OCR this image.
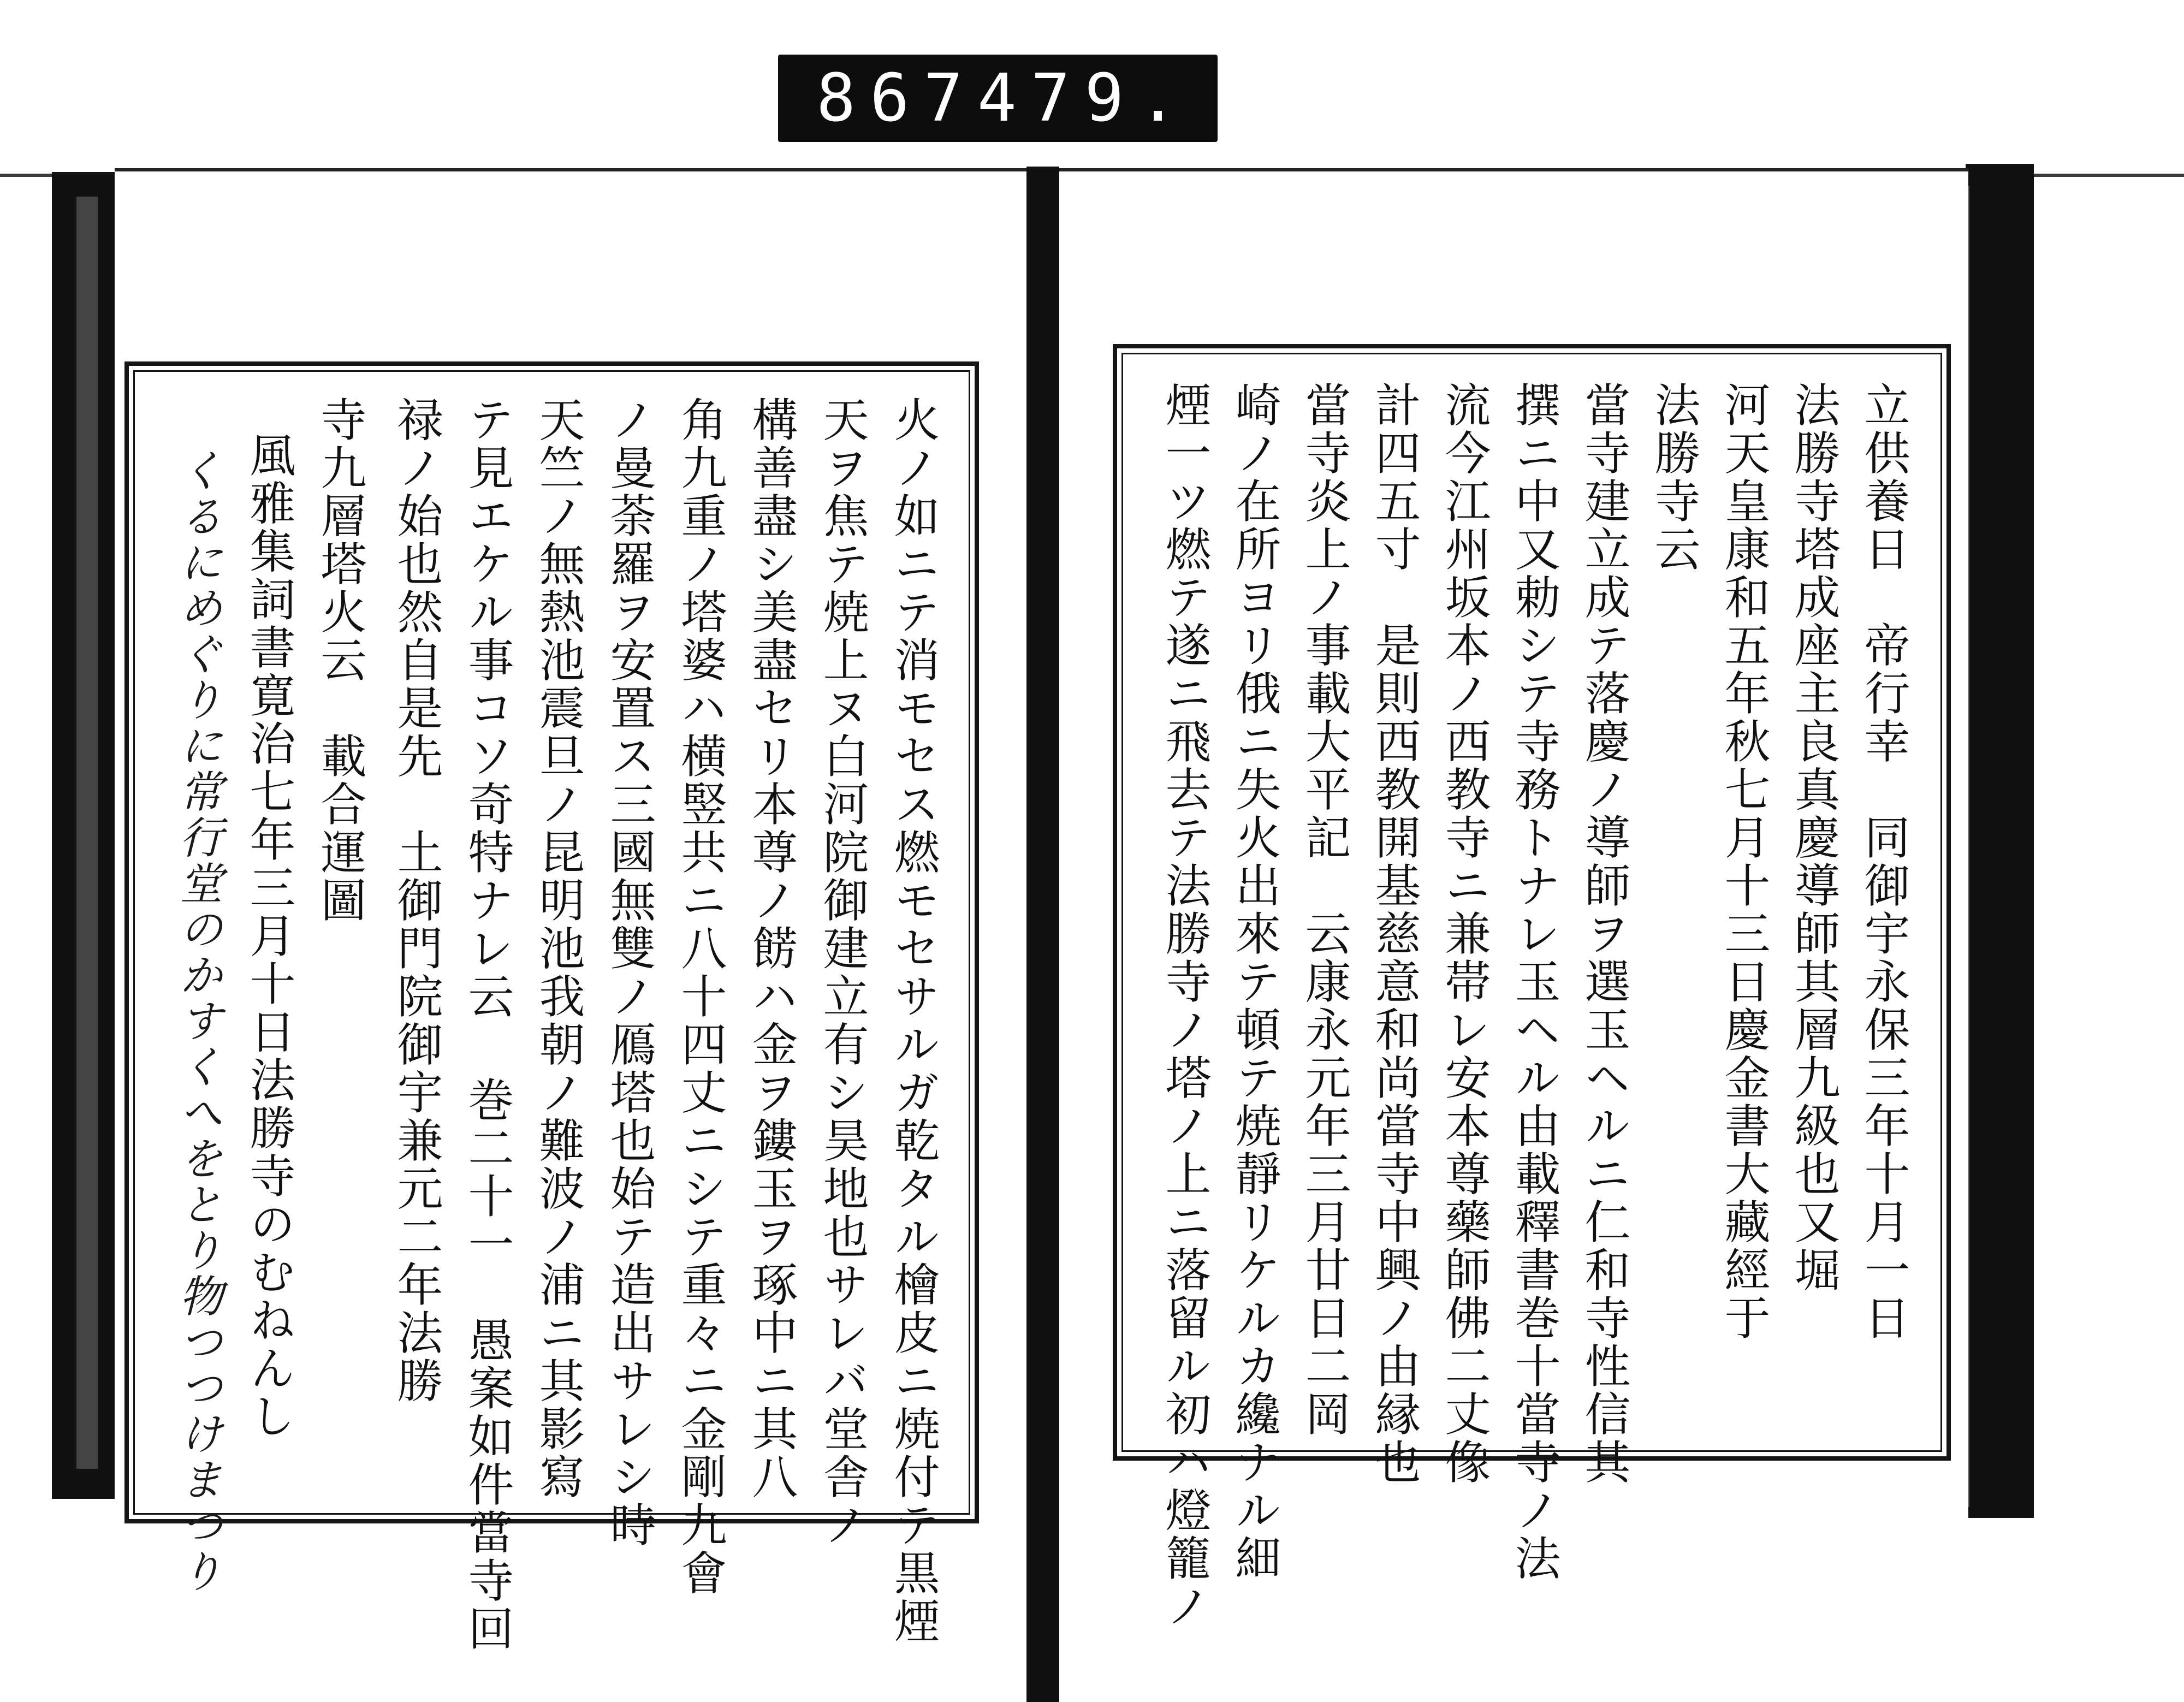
867 479.
立供養日　帝行幸　同御宇永保三年十月一日
法勝寺塔成座主良真慶導師其層九級也又堀
河天皇康和五年秋七月十三日慶金書大藏經于
法勝寺云
當寺建立成テ落慶ノ導師ヲ選玉ヘルニ仁和寺性信其
撰ニ中又勅シテ寺務トナレ玉ヘル由載釋書巻十當寺ノ法
流今江州坂本ノ西教寺ニ兼帯レ安本尊藥師佛二丈像
計四五寸　是則西教開基慈意和尚當寺中興ノ由縁也
當寺炎上ノ事載大平記　云康永元年三月廿日二岡
崎ノ在所ヨリ俄ニ失火出來テ頓テ焼靜リケルカ纔ナル細
煙一ツ燃テ遂ニ飛去テ法勝寺ノ塔ノ上ニ落留ル初ハ燈籠ノ
火ノ如ニテ消モセス燃モセサルガ乾タル檜皮ニ焼付テ黒煙
天ヲ焦テ焼上ヌ白河院御建立有シ昊地也サレバ堂舎ノ
構善盡シ美盡セリ本尊ノ餝ハ金ヲ鏤玉ヲ琢中ニ其八
角九重ノ塔婆ハ横竪共ニ八十四丈ニシテ重々ニ金剛九會
ノ曼荼羅ヲ安置ス三國無雙ノ鴈塔也始テ造出サレシ時
天竺ノ無熱池震旦ノ昆明池我朝ノ難波ノ浦ニ其影寫
テ見エケル事コソ奇特ナレ云 巻二十一　愚案如件當寺回
禄ノ始也然自是先　土御門院御宇兼元二年法勝
寺九層塔火云　載合運圖
風雅集詞書寛治七年三月十日法勝寺のむねんし
くるにめぐりに常行堂のかすくへをとり物つつけまつり
